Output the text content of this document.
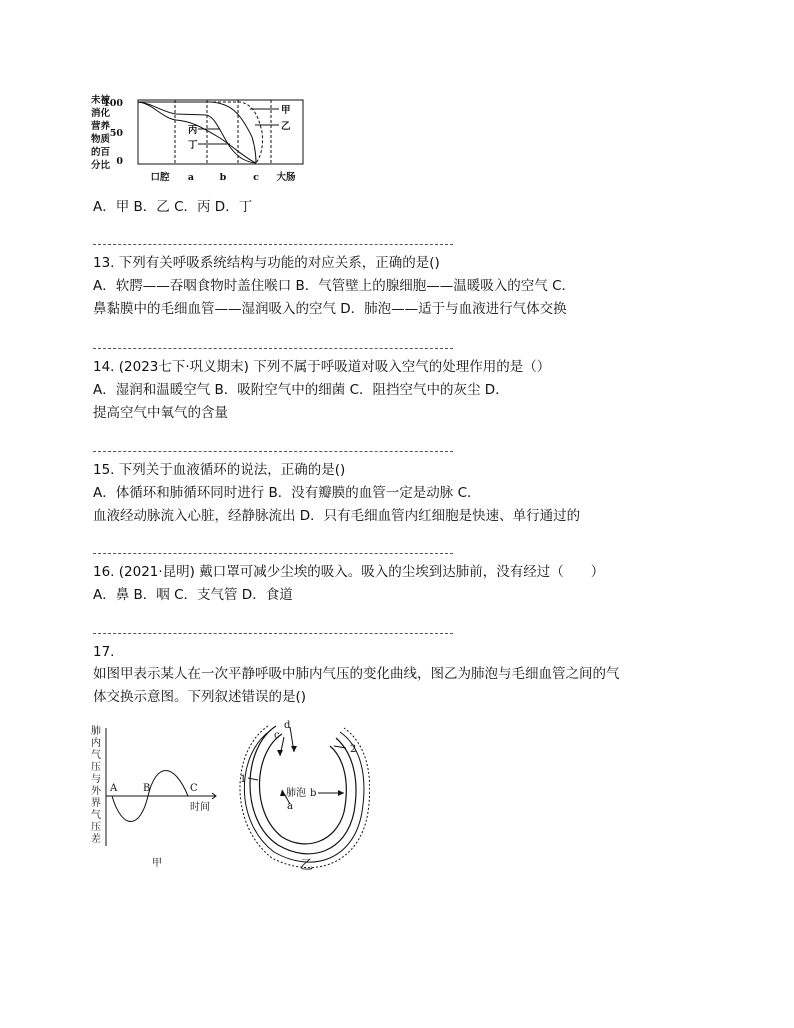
未被
消化
营养
物质
的百
分比
100
50
0
口腔 a	b	c 大肠
甲
乙
丙
丁
A．甲 B．乙 C．丙 D．丁
13. 下列有关呼吸系统结构与功能的对应关系，正确的是()
A．软腭——吞咽食物时盖住喉口 B．气管壁上的腺细胞——温暖吸入的空气 C．
鼻黏膜中的毛细血管——湿润吸入的空气 D．肺泡——适于与血液进行气体交换
14. (2023七下·巩义期末) 下列不属于呼吸道对吸入空气的处理作用的是（）
A．湿润和温暖空气 B．吸附空气中的细菌 C．阻挡空气中的灰尘 D．
提高空气中氧气的含量
15. 下列关于血液循环的说法，正确的是()
A．体循环和肺循环同时进行 B．没有瓣膜的血管一定是动脉 C．
血液经动脉流入心脏，经静脉流出 D．只有毛细血管内红细胞是快速、单行通过的
16. (2021·昆明) 戴口罩可减少尘埃的吸入。吸入的尘埃到达肺前，没有经过（　　）
A．鼻 B．咽 C．支气管 D．食道
17.
如图甲表示某人在一次平静呼吸中肺内气压的变化曲线，图乙为肺泡与毛细血管之间的气
体交换示意图。下列叙述错误的是()
肺
内
气
压
与
外
界
气
压
差
A	B	C
时间
甲
d
c
2
1
肺泡 b
a
乙
